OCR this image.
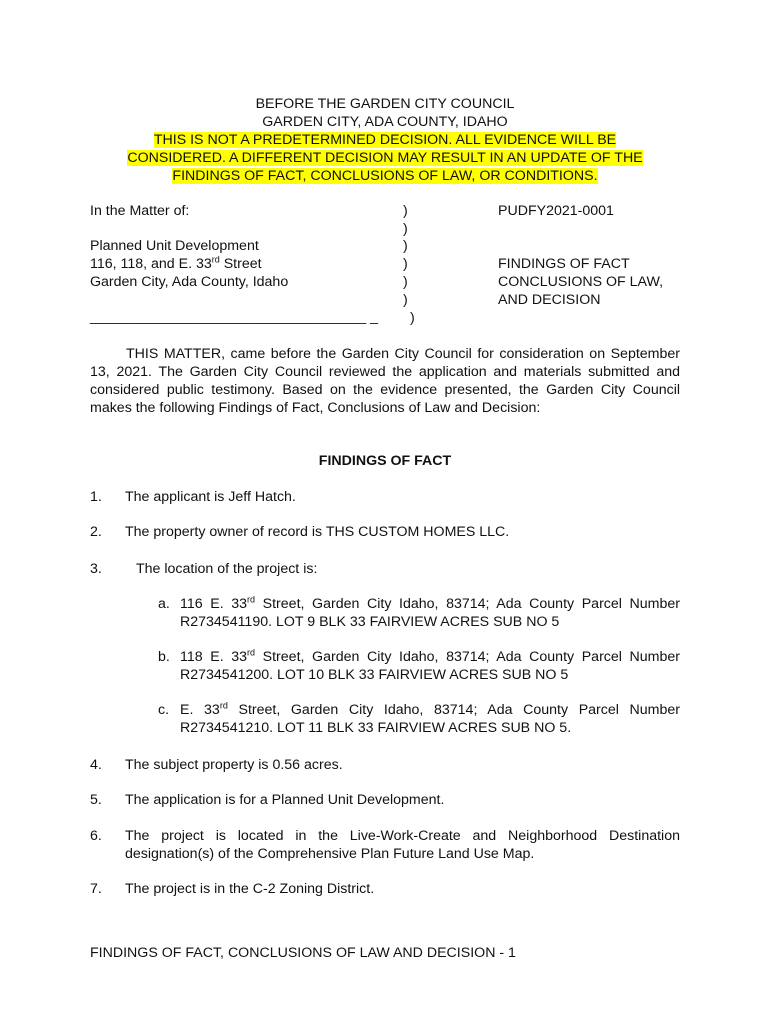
BEFORE THE GARDEN CITY COUNCIL
GARDEN CITY, ADA COUNTY, IDAHO
THIS IS NOT A PREDETERMINED DECISION. ALL EVIDENCE WILL BE
CONSIDERED. A DIFFERENT DECISION MAY RESULT IN AN UPDATE OF THE
FINDINGS OF FACT, CONCLUSIONS OF LAW, OR CONDITIONS.
In the Matter of:
Planned Unit Development
116, 118, and E. 33rd Street
Garden City, Ada County, Idaho
___________________________________ _
)
)
)
)
)
)
)
PUDFY2021-0001
FINDINGS OF FACT
CONCLUSIONS OF LAW,
AND DECISION
THIS MATTER, came before the Garden City Council for consideration on September 13, 2021. The Garden City Council reviewed the application and materials submitted and considered public testimony. Based on the evidence presented, the Garden City Council makes the following Findings of Fact, Conclusions of Law and Decision:
FINDINGS OF FACT
1. The applicant is Jeff Hatch.
2. The property owner of record is THS CUSTOM HOMES LLC.
3. The location of the project is:
a. 116 E. 33rd Street, Garden City Idaho, 83714; Ada County Parcel Number R2734541190. LOT 9 BLK 33 FAIRVIEW ACRES SUB NO 5
b. 118 E. 33rd Street, Garden City Idaho, 83714; Ada County Parcel Number R2734541200. LOT 10 BLK 33 FAIRVIEW ACRES SUB NO 5
c. E. 33rd Street, Garden City Idaho, 83714; Ada County Parcel Number R2734541210. LOT 11 BLK 33 FAIRVIEW ACRES SUB NO 5.
4. The subject property is 0.56 acres.
5. The application is for a Planned Unit Development.
6. The project is located in the Live-Work-Create and Neighborhood Destination designation(s) of the Comprehensive Plan Future Land Use Map.
7. The project is in the C-2 Zoning District.
FINDINGS OF FACT, CONCLUSIONS OF LAW AND DECISION - 1
